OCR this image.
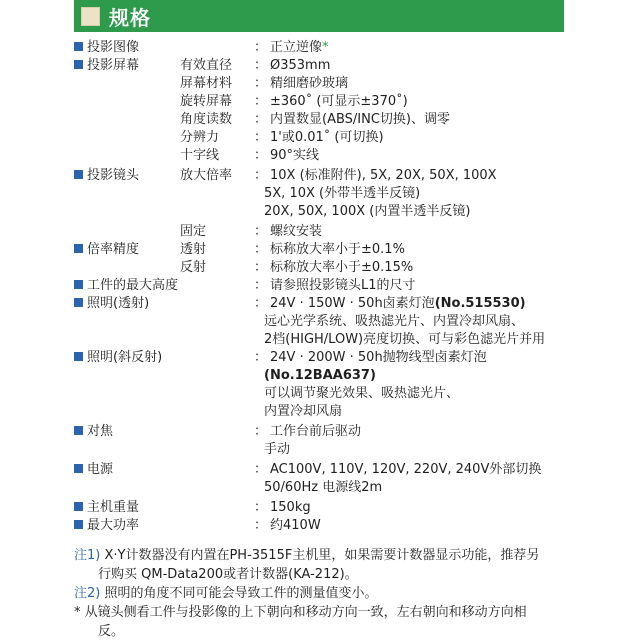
规格
投影图像	： 正立逆像*
投影屏幕	：
有效直径	Ø353mm
屏幕材料 ： 精细磨砂玻璃
旋转屏幕 ： ±360˚ (可显示±370˚)
角度读数 ： 内置数显(ABS/INC切换)、调零
分辨力	： 1'或0.01˚ (可切换)
十字线	： 90°实线
投影镜头	：
放大倍率	10X (标准附件), 5X, 20X, 50X, 100X
5X, 10X (外带半透半反镜)
20X, 50X, 100X (内置半透半反镜)
固定	： 螺纹安装
倍率精度	：
透射	标称放大率小于±0.1%
反射	： 标称放大率小于±0.15%
工件的最大高度	： 请参照投影镜头L1的尺寸
照明(透射)	： 24V · 150W · 50h卤素灯泡(No.515530)
远心光学系统、吸热滤光片、内置冷却风扇、
2档(HIGH/LOW)亮度切换、可与彩色滤光片并用
照明(斜反射)	： 24V · 200W · 50h抛物线型卤素灯泡
(No.12BAA637)
可以调节聚光效果、吸热滤光片、
内置冷却风扇
对焦	： 工作台前后驱动
手动
电源	： AC100V, 110V, 120V, 220V, 240V外部切换
50/60Hz 电源线2m
主机重量	： 150kg
最大功率	： 约410W
注1) X·Y计数器没有内置在PH-3515F主机里，如果需要计数器显示功能，推荐另
行购买 QM-Data200或者计数器(KA-212)。
注2) 照明的角度不同可能会导致工件的测量值变小。
* 从镜头侧看工件与投影像的上下朝向和移动方向一致，左右朝向和移动方向相
反。
